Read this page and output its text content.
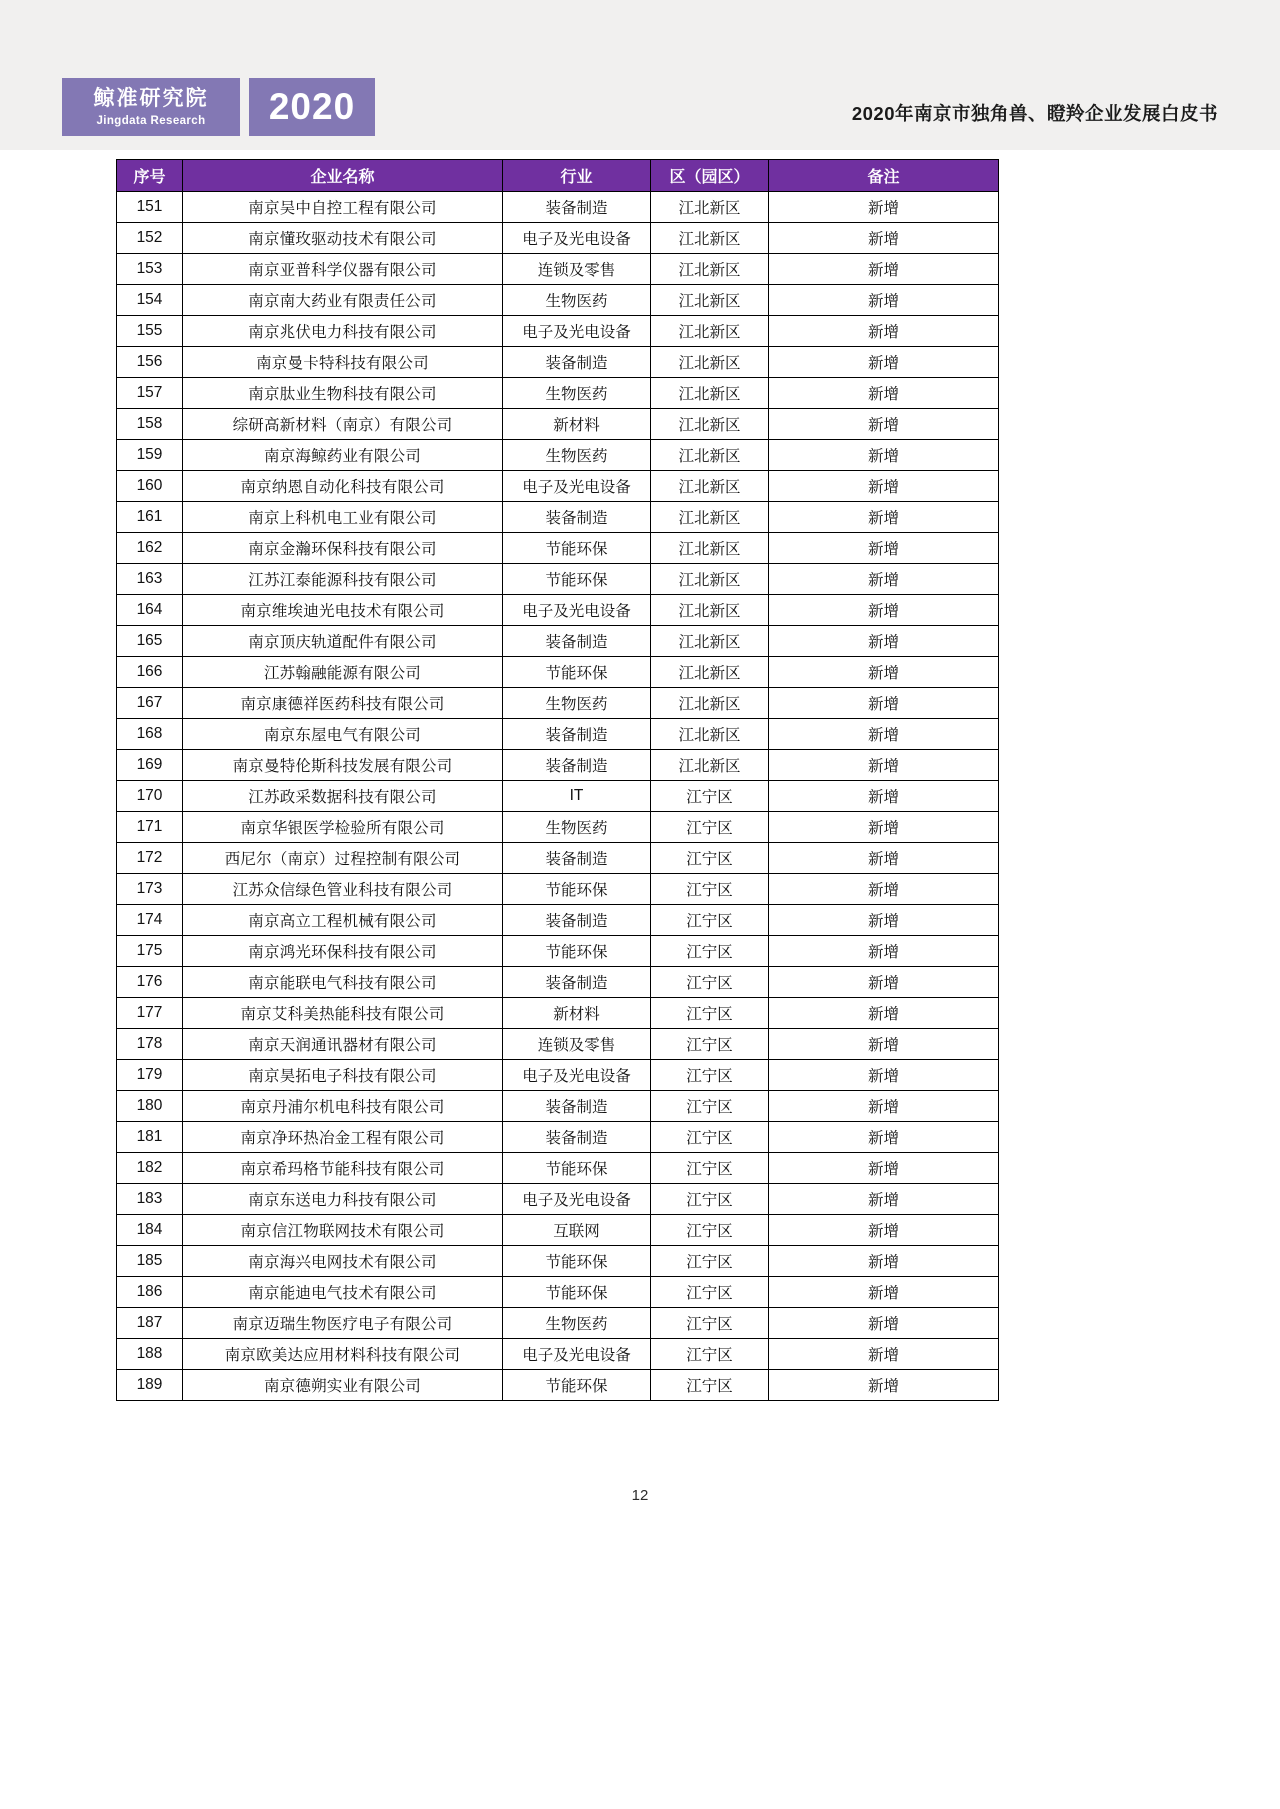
鲸准研究院
Jingdata Research	2020	2020年南京市独角兽、瞪羚企业发展白皮书
序号	企业名称	行业	区（园区）	备注
151	南京吴中自控工程有限公司	装备制造	江北新区	新增
152	南京懂玫驱动技术有限公司	电子及光电设备	江北新区	新增
153	南京亚普科学仪器有限公司	连锁及零售	江北新区	新增
154	南京南大药业有限责任公司	生物医药	江北新区	新增
155	南京兆伏电力科技有限公司	电子及光电设备	江北新区	新增
156	南京曼卡特科技有限公司	装备制造	江北新区	新增
157	南京肽业生物科技有限公司	生物医药	江北新区	新增
158	综研高新材料（南京）有限公司	新材料	江北新区	新增
159	南京海鲸药业有限公司	生物医药	江北新区	新增
160	南京纳恩自动化科技有限公司	电子及光电设备	江北新区	新增
161	南京上科机电工业有限公司	装备制造	江北新区	新增
162	南京金瀚环保科技有限公司	节能环保	江北新区	新增
163	江苏江泰能源科技有限公司	节能环保	江北新区	新增
164	南京维埃迪光电技术有限公司	电子及光电设备	江北新区	新增
165	南京顶庆轨道配件有限公司	装备制造	江北新区	新增
166	江苏翰融能源有限公司	节能环保	江北新区	新增
167	南京康德祥医药科技有限公司	生物医药	江北新区	新增
168	南京东屋电气有限公司	装备制造	江北新区	新增
169	南京曼特伦斯科技发展有限公司	装备制造	江北新区	新增
170	江苏政采数据科技有限公司	IT	江宁区	新增
171	南京华银医学检验所有限公司	生物医药	江宁区	新增
172	西尼尔（南京）过程控制有限公司	装备制造	江宁区	新增
173	江苏众信绿色管业科技有限公司	节能环保	江宁区	新增
174	南京高立工程机械有限公司	装备制造	江宁区	新增
175	南京鸿光环保科技有限公司	节能环保	江宁区	新增
176	南京能联电气科技有限公司	装备制造	江宁区	新增
177	南京艾科美热能科技有限公司	新材料	江宁区	新增
178	南京天润通讯器材有限公司	连锁及零售	江宁区	新增
179	南京昊拓电子科技有限公司	电子及光电设备	江宁区	新增
180	南京丹浦尔机电科技有限公司	装备制造	江宁区	新增
181	南京净环热冶金工程有限公司	装备制造	江宁区	新增
182	南京希玛格节能科技有限公司	节能环保	江宁区	新增
183	南京东送电力科技有限公司	电子及光电设备	江宁区	新增
184	南京信江物联网技术有限公司	互联网	江宁区	新增
185	南京海兴电网技术有限公司	节能环保	江宁区	新增
186	南京能迪电气技术有限公司	节能环保	江宁区	新增
187	南京迈瑞生物医疗电子有限公司	生物医药	江宁区	新增
188	南京欧美达应用材料科技有限公司	电子及光电设备	江宁区	新增
189	南京德朔实业有限公司	节能环保	江宁区	新增
12
